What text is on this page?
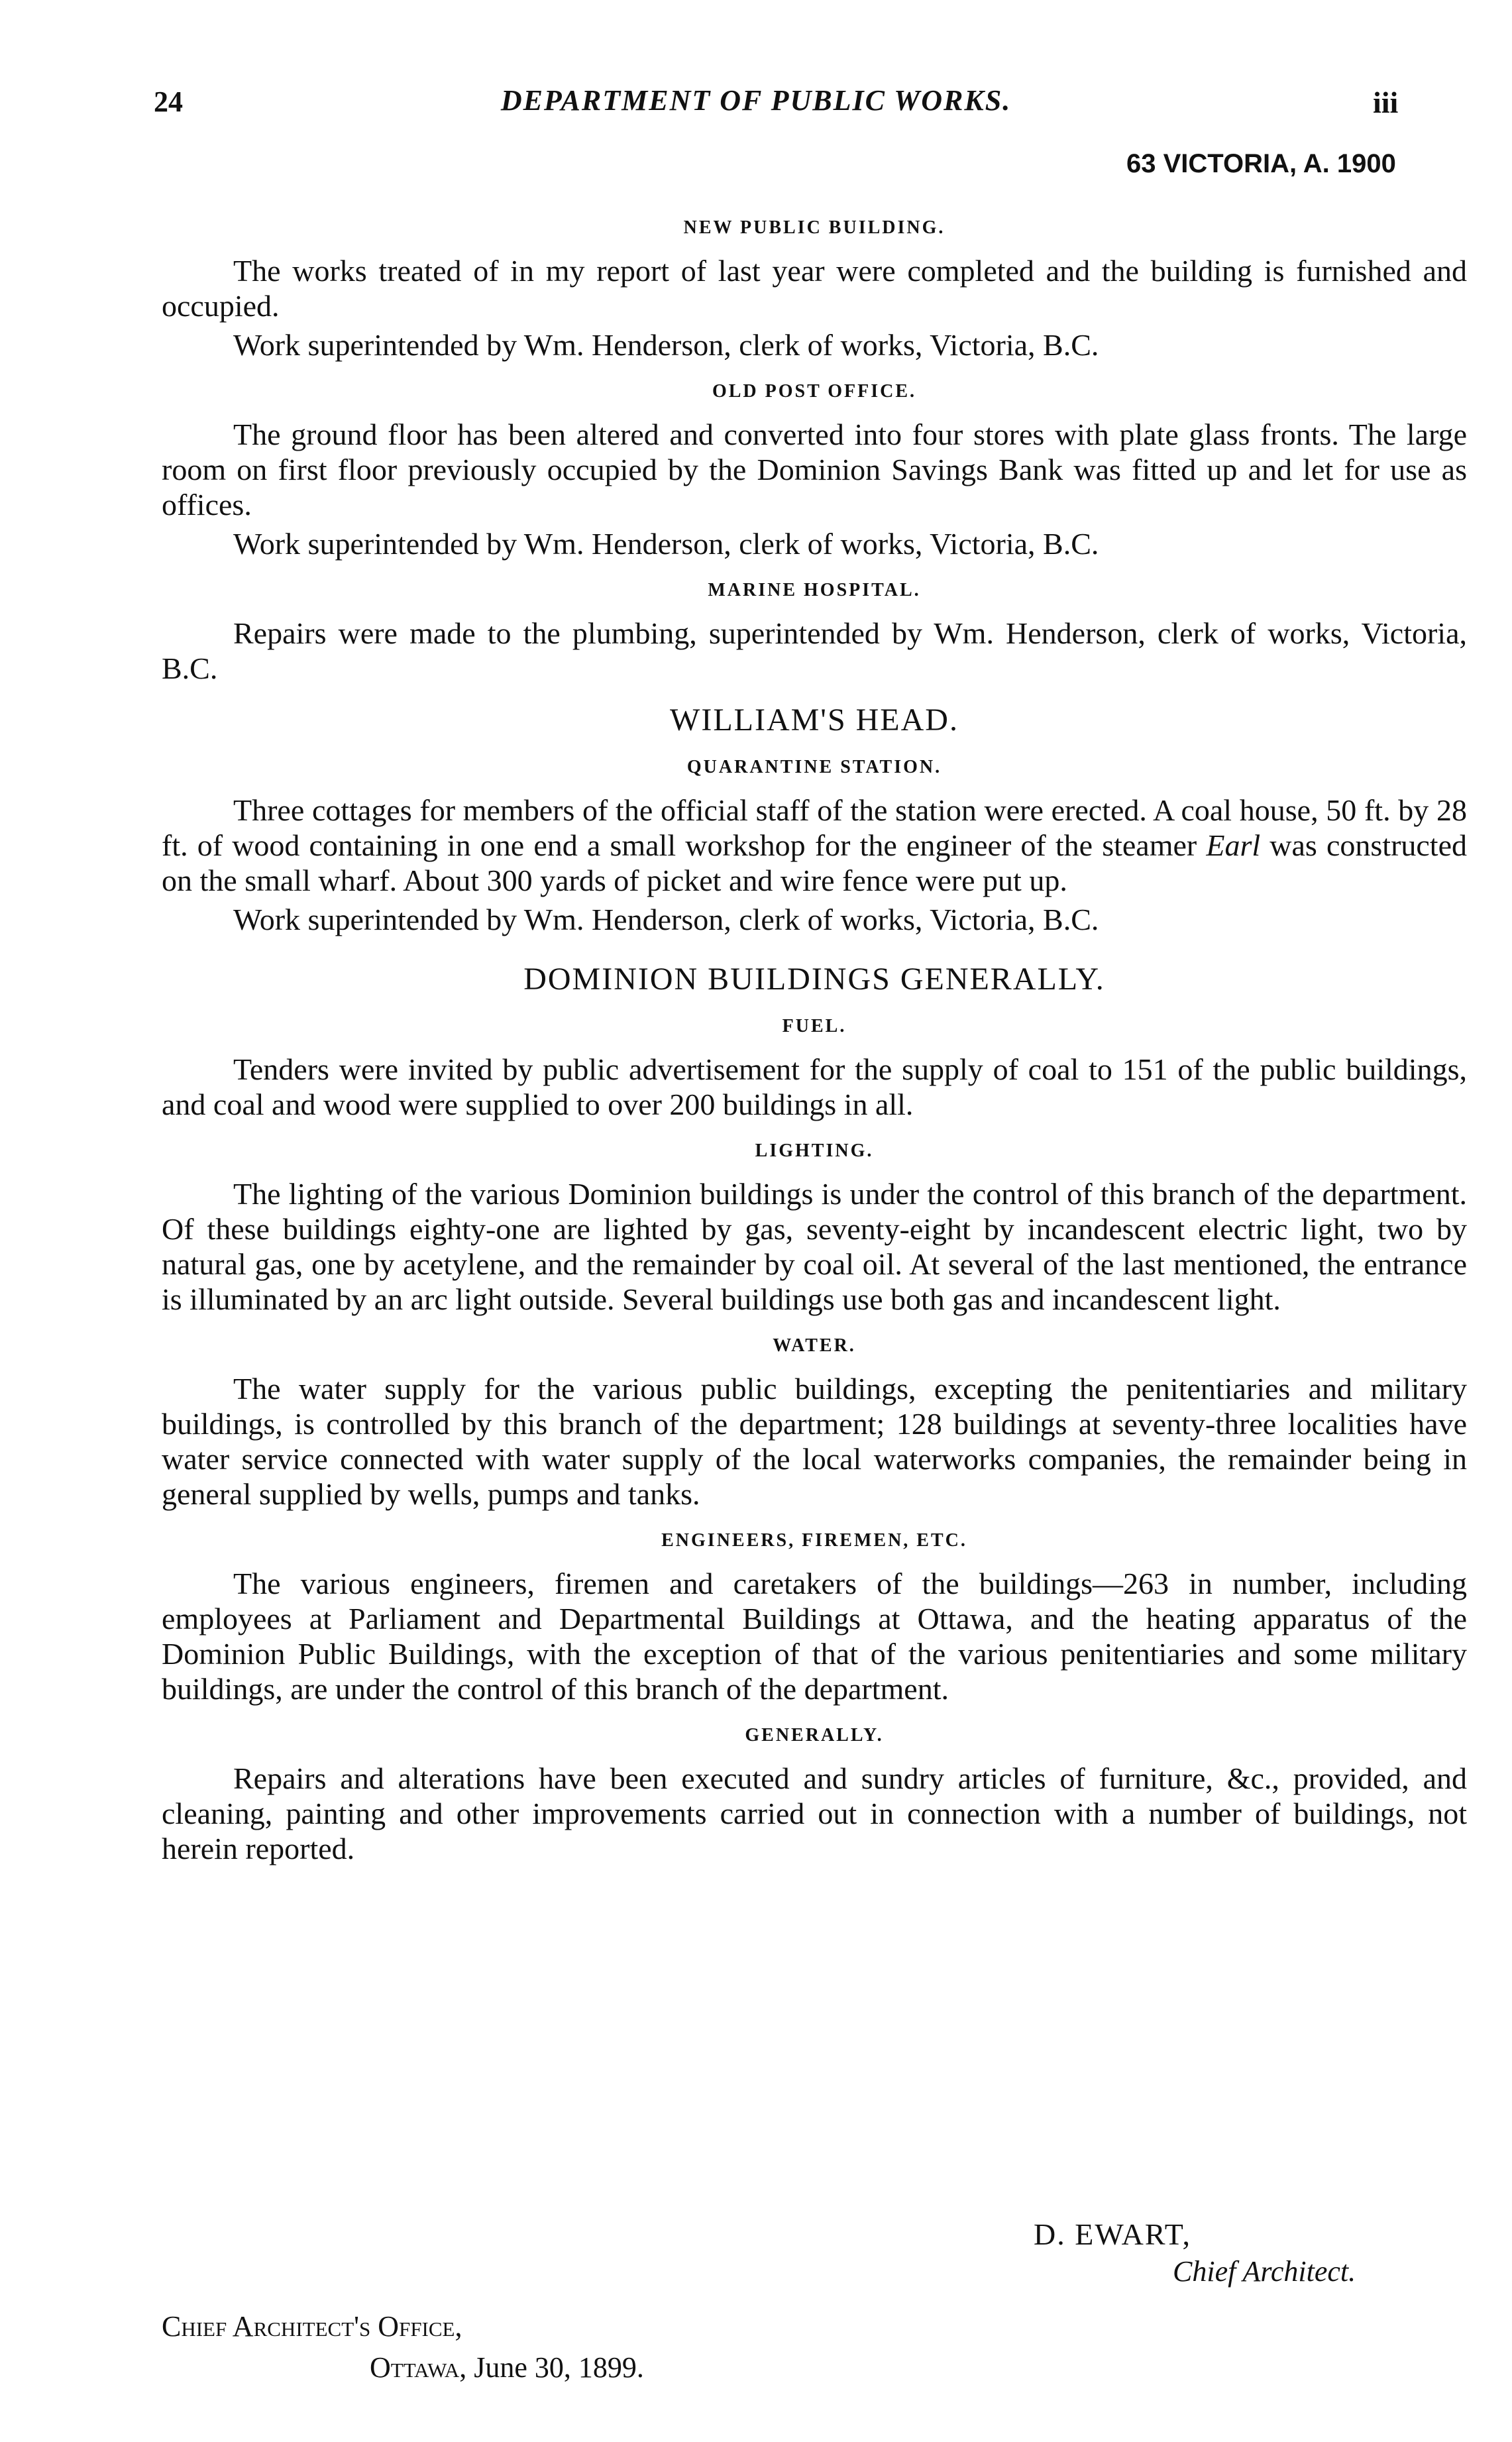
24	DEPARTMENT OF PUBLIC WORKS.	iii
63 VICTORIA, A. 1900
NEW PUBLIC BUILDING.

The works treated of in my report of last year were completed and the building is furnished and occupied.

Work superintended by Wm. Henderson, clerk of works, Victoria, B.C.

OLD POST OFFICE.

The ground floor has been altered and converted into four stores with plate glass fronts. The large room on first floor previously occupied by the Dominion Savings Bank was fitted up and let for use as offices.

Work superintended by Wm. Henderson, clerk of works, Victoria, B.C.

MARINE HOSPITAL.

Repairs were made to the plumbing, superintended by Wm. Henderson, clerk of works, Victoria, B.C.

WILLIAM'S HEAD.
QUARANTINE STATION.

Three cottages for members of the official staff of the station were erected. A coal house, 50 ft. by 28 ft. of wood containing in one end a small workshop for the engineer of the steamer Earl was constructed on the small wharf. About 300 yards of picket and wire fence were put up.

Work superintended by Wm. Henderson, clerk of works, Victoria, B.C.

DOMINION BUILDINGS GENERALLY.
FUEL.

Tenders were invited by public advertisement for the supply of coal to 151 of the public buildings, and coal and wood were supplied to over 200 buildings in all.

LIGHTING.

The lighting of the various Dominion buildings is under the control of this branch of the department. Of these buildings eighty-one are lighted by gas, seventy-eight by incandescent electric light, two by natural gas, one by acetylene, and the remainder by coal oil. At several of the last mentioned, the entrance is illuminated by an arc light outside. Several buildings use both gas and incandescent light.

WATER.

The water supply for the various public buildings, excepting the penitentiaries and military buildings, is controlled by this branch of the department; 128 buildings at seventy-three localities have water service connected with water supply of the local waterworks companies, the remainder being in general supplied by wells, pumps and tanks.

ENGINEERS, FIREMEN, ETC.

The various engineers, firemen and caretakers of the buildings—263 in number, including employees at Parliament and Departmental Buildings at Ottawa, and the heating apparatus of the Dominion Public Buildings, with the exception of that of the various penitentiaries and some military buildings, are under the control of this branch of the department.

GENERALLY.

Repairs and alterations have been executed and sundry articles of furniture, &c., provided, and cleaning, painting and other improvements carried out in connection with a number of buildings, not herein reported.

D. EWART,
Chief Architect.
Chief Architect's Office,
Ottawa, June 30, 1899.
